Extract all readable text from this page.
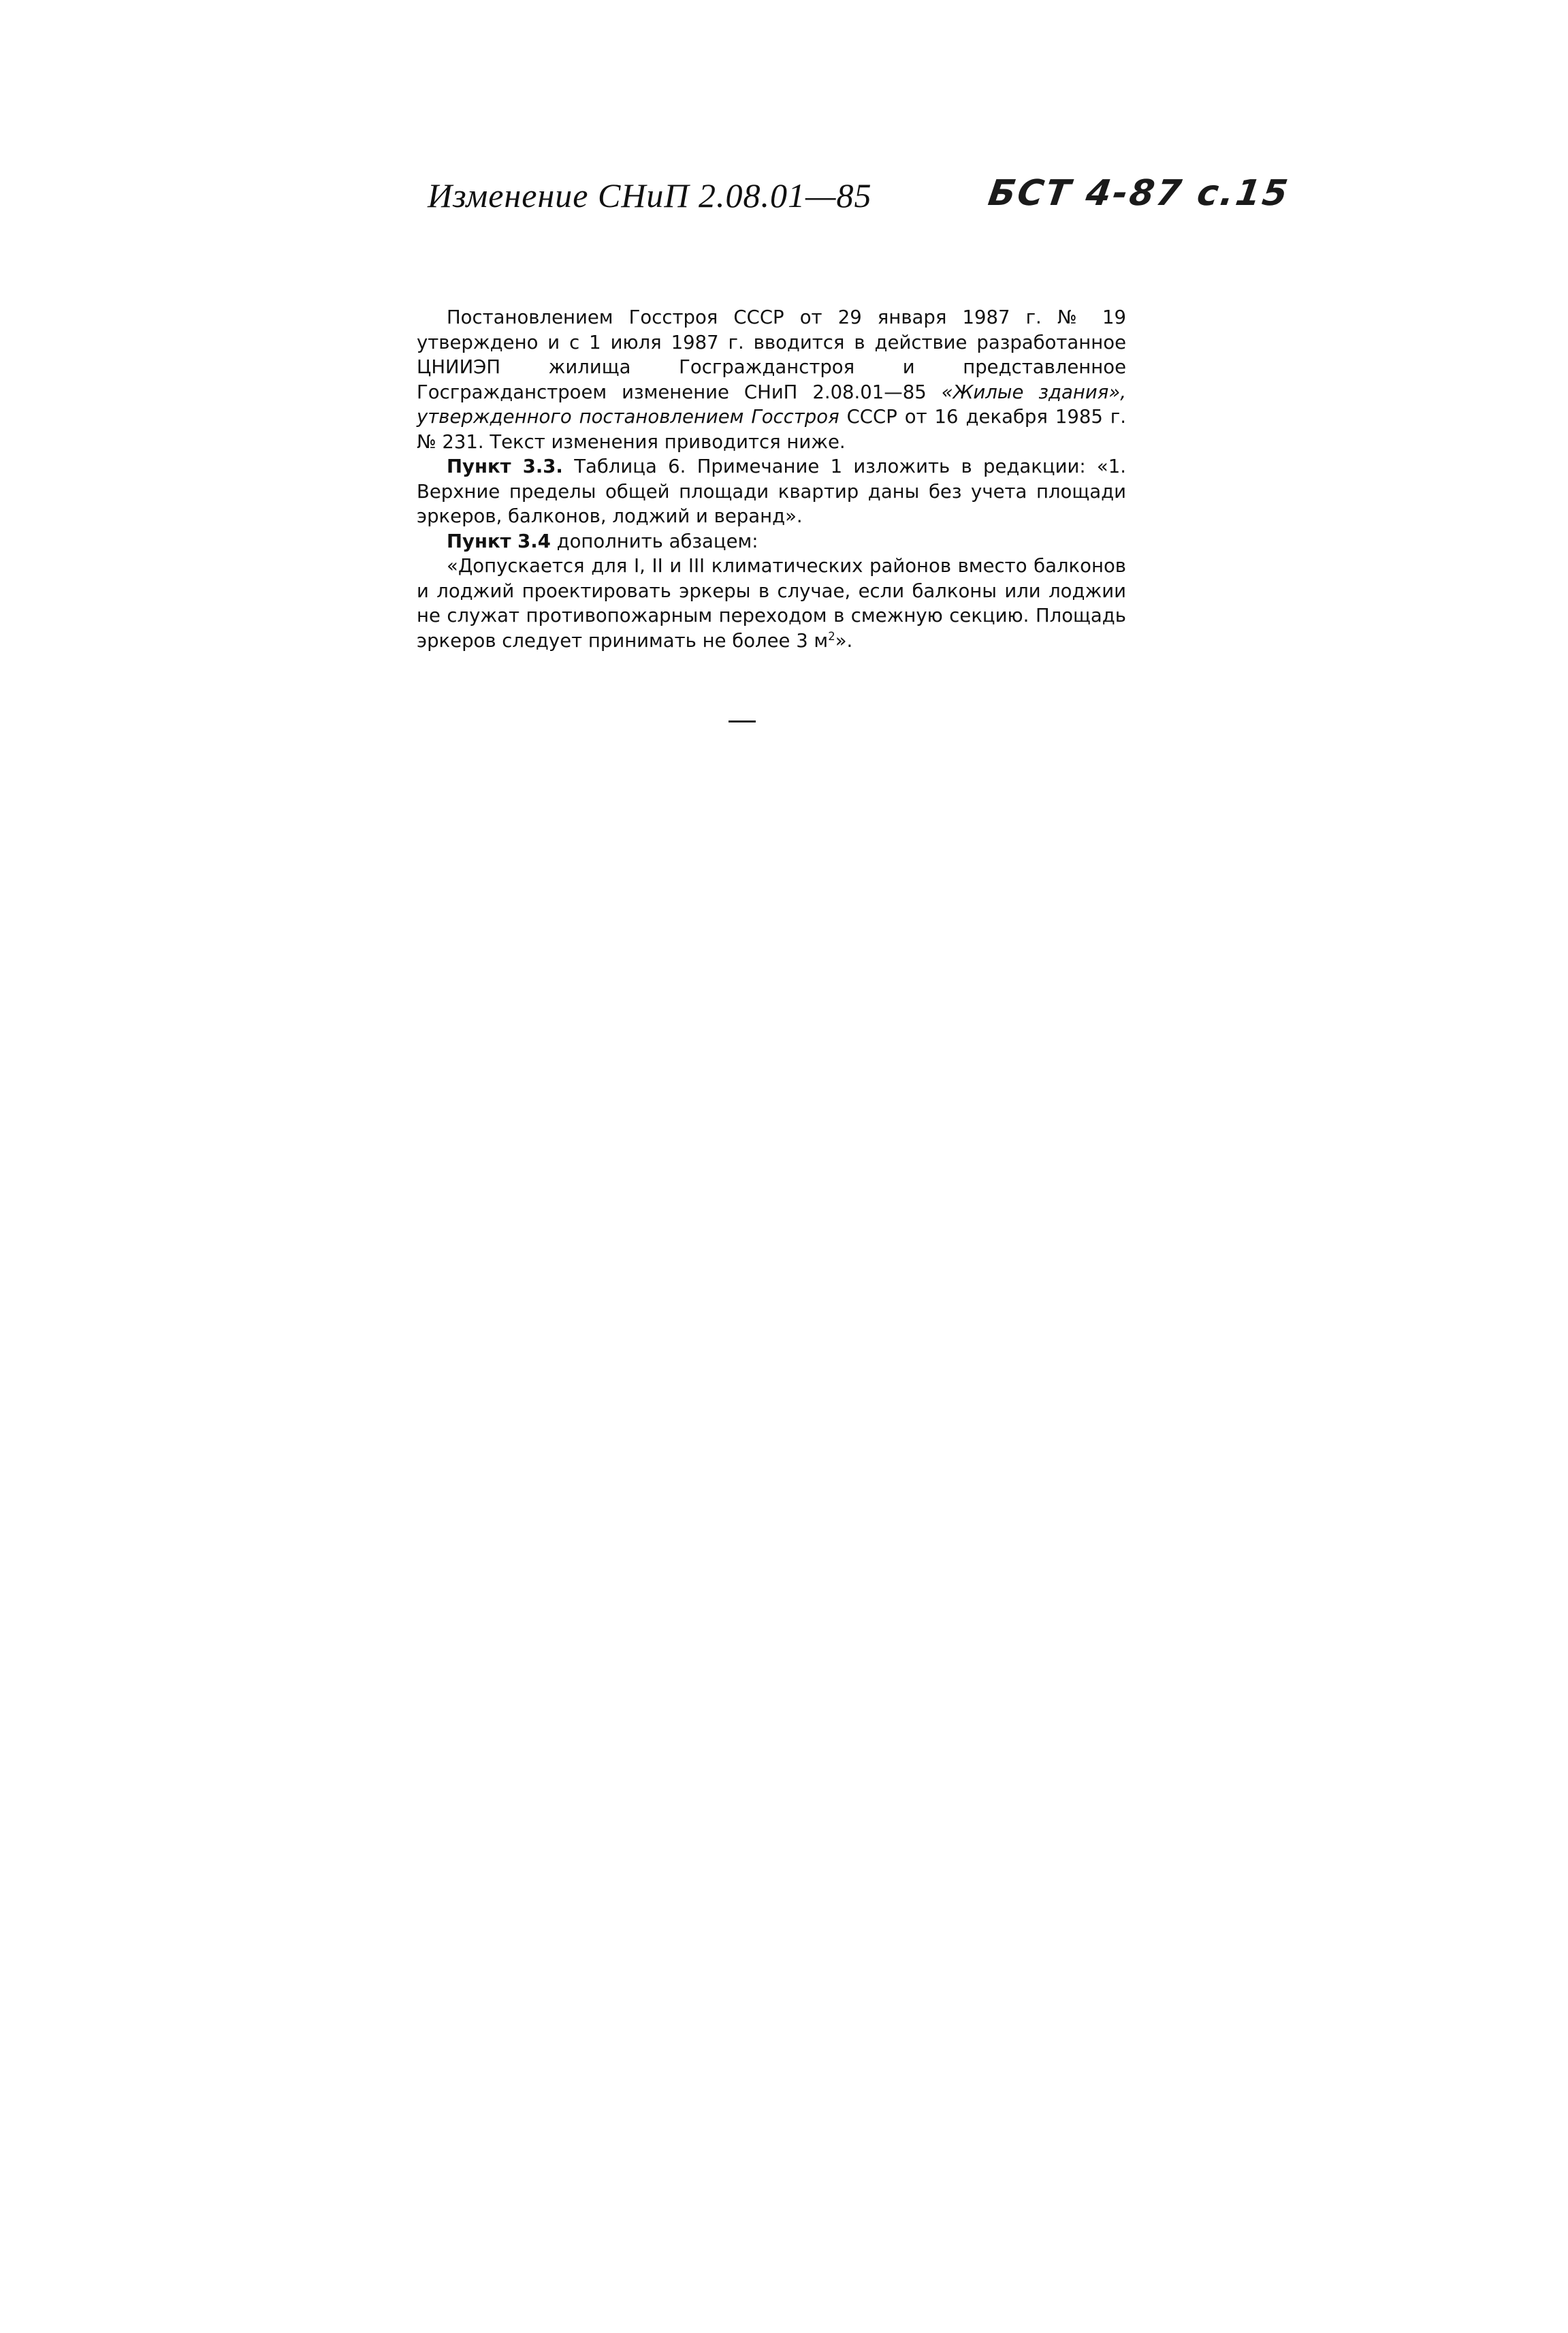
Изменение СНиП 2.08.01—85	БСТ 4-87 с.15

Постановлением Госстроя СССР от 29 января 1987 г. № 19 утверждено и с 1 июля 1987 г. вводится в действие разработанное ЦНИИЭП жилища Госгражданстроя и представленное Госгражданстроем изменение СНиП 2.08.01—85 «Жилые здания», утвержденного постановлением Госстроя СССР от 16 декабря 1985 г. № 231. Текст изменения приводится ниже.

Пункт 3.3. Таблица 6. Примечание 1 изложить в редакции: «1. Верхние пределы общей площади квартир даны без учета площади эркеров, балконов, лоджий и веранд».

Пункт 3.4 дополнить абзацем:

«Допускается для I, II и III климатических районов вместо балконов и лоджий проектировать эркеры в случае, если балконы или лоджии не служат противопожарным переходом в смежную секцию. Площадь эркеров следует принимать не более 3 $м^2$».
